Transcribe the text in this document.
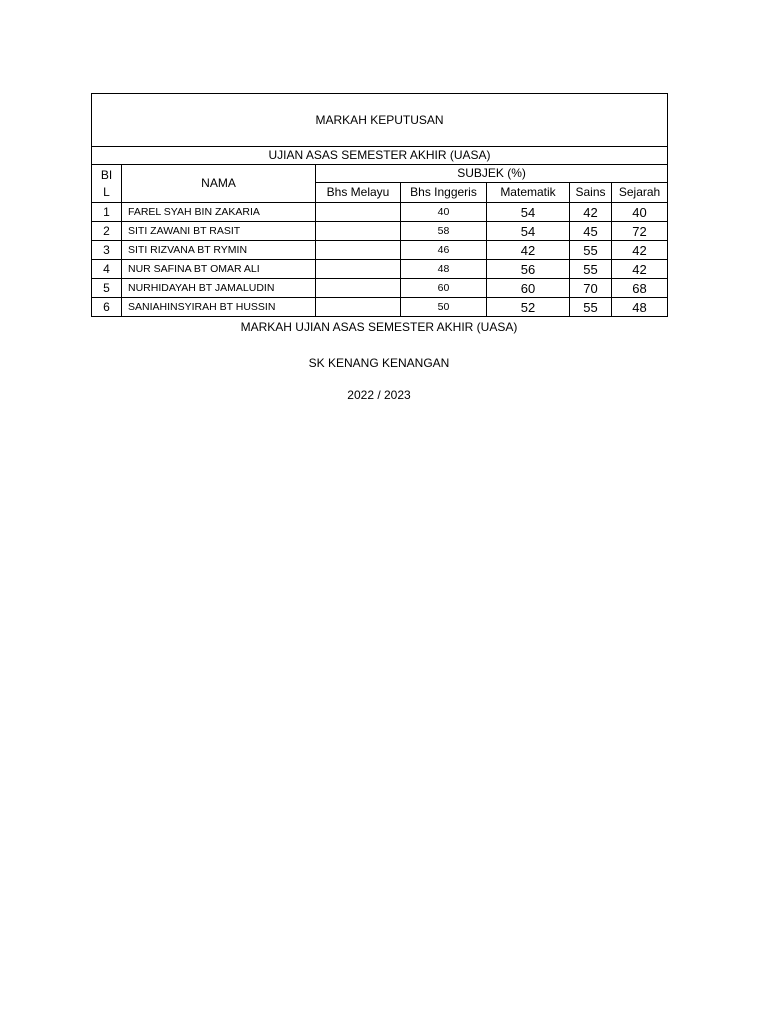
MARKAH KEPUTUSAN						
UJIAN ASAS SEMESTER AKHIR (UASA)						
BI
L	NAMA	SUBJEK (%)				
		Bhs Melayu	Bhs Inggeris	Matematik	Sains	Sejarah
1	FAREL SYAH BIN ZAKARIA		40	54	42	40
2	SITI ZAWANI BT RASIT		58	54	45	72
3	SITI RIZVANA BT RYMIN		46	42	55	42
4	NUR SAFINA BT OMAR ALI		48	56	55	42
5	NURHIDAYAH BT JAMALUDIN		60	60	70	68
6	SANIAHINSYIRAH BT HUSSIN		50	52	55	48
MARKAH UJIAN ASAS SEMESTER AKHIR (UASA)
SK KENANG KENANGAN
2022 / 2023
